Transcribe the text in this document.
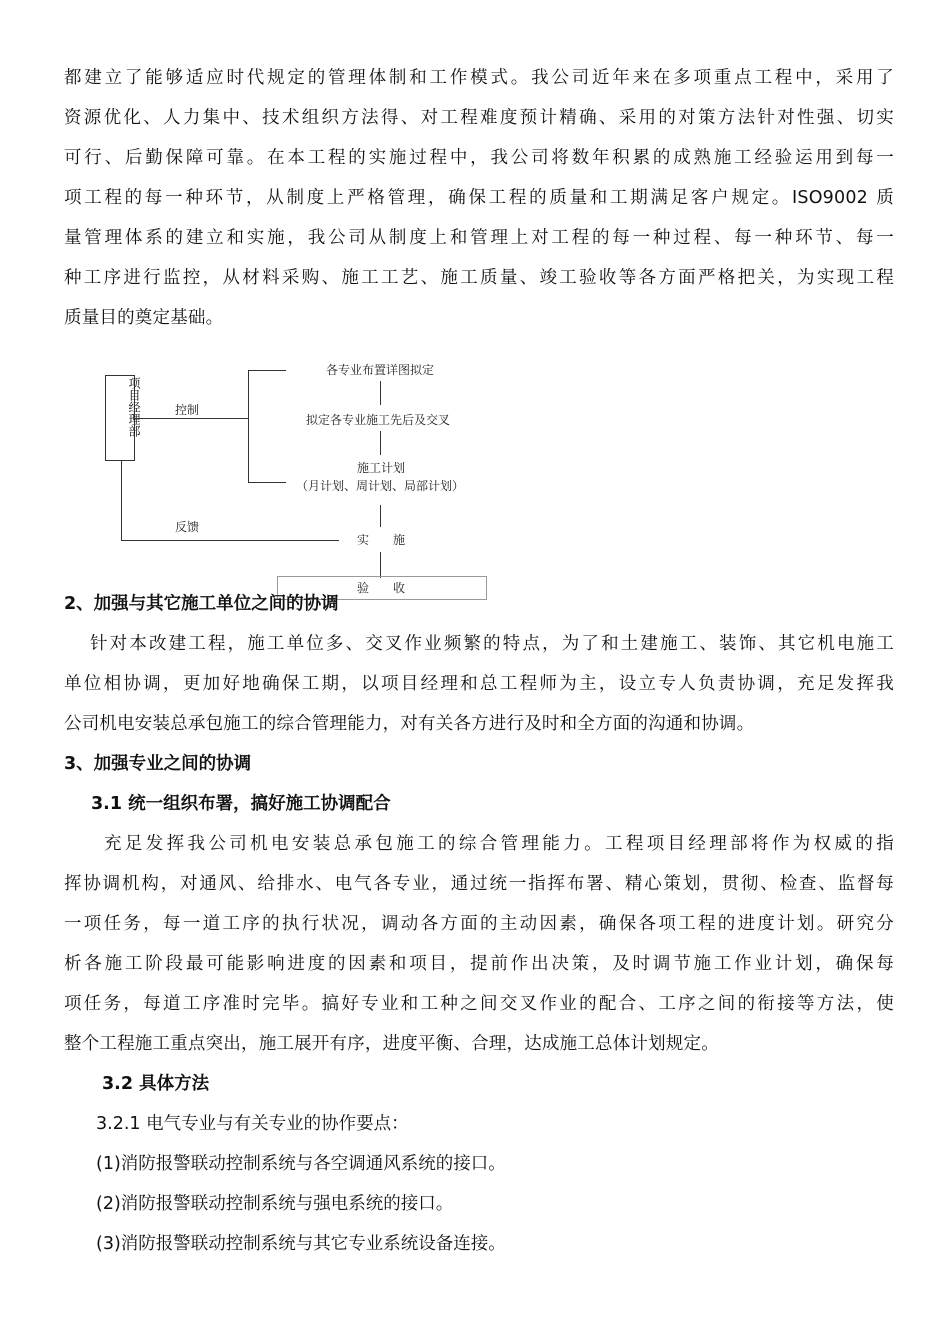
都建立了能够适应时代规定的管理体制和工作模式。我公司近年来在多项重点工程中，采用了
资源优化、人力集中、技术组织方法得、对工程难度预计精确、采用的对策方法针对性强、切实
可行、后勤保障可靠。在本工程的实施过程中，我公司将数年积累的成熟施工经验运用到每一
项工程的每一种环节，从制度上严格管理，确保工程的质量和工期满足客户规定。ISO9002 质
量管理体系的建立和实施，我公司从制度上和管理上对工程的每一种过程、每一种环节、每一
种工序进行监控，从材料采购、施工工艺、施工质量、竣工验收等各方面严格把关，为实现工程
质量目的奠定基础。
项目经理部	控制
各专业布置详图拟定
拟定各专业施工先后及交叉
施工计划
（月计划、周计划、局部计划）
实　　施
反馈
验　　收
2、加强与其它施工单位之间的协调
针对本改建工程，施工单位多、交叉作业频繁的特点，为了和土建施工、装饰、其它机电施工
单位相协调，更加好地确保工期，以项目经理和总工程师为主，设立专人负责协调，充足发挥我
公司机电安装总承包施工的综合管理能力，对有关各方进行及时和全方面的沟通和协调。
3、加强专业之间的协调
3.1 统一组织布署，搞好施工协调配合
充足发挥我公司机电安装总承包施工的综合管理能力。工程项目经理部将作为权威的指
挥协调机构，对通风、给排水、电气各专业，通过统一指挥布署、精心策划，贯彻、检查、监督每
一项任务，每一道工序的执行状况，调动各方面的主动因素，确保各项工程的进度计划。研究分
析各施工阶段最可能影响进度的因素和项目，提前作出决策，及时调节施工作业计划，确保每
项任务，每道工序准时完毕。搞好专业和工种之间交叉作业的配合、工序之间的衔接等方法，使
整个工程施工重点突出，施工展开有序，进度平衡、合理，达成施工总体计划规定。
3.2 具体方法
3.2.1 电气专业与有关专业的协作要点：
(1)消防报警联动控制系统与各空调通风系统的接口。
(2)消防报警联动控制系统与强电系统的接口。
(3)消防报警联动控制系统与其它专业系统设备连接。
